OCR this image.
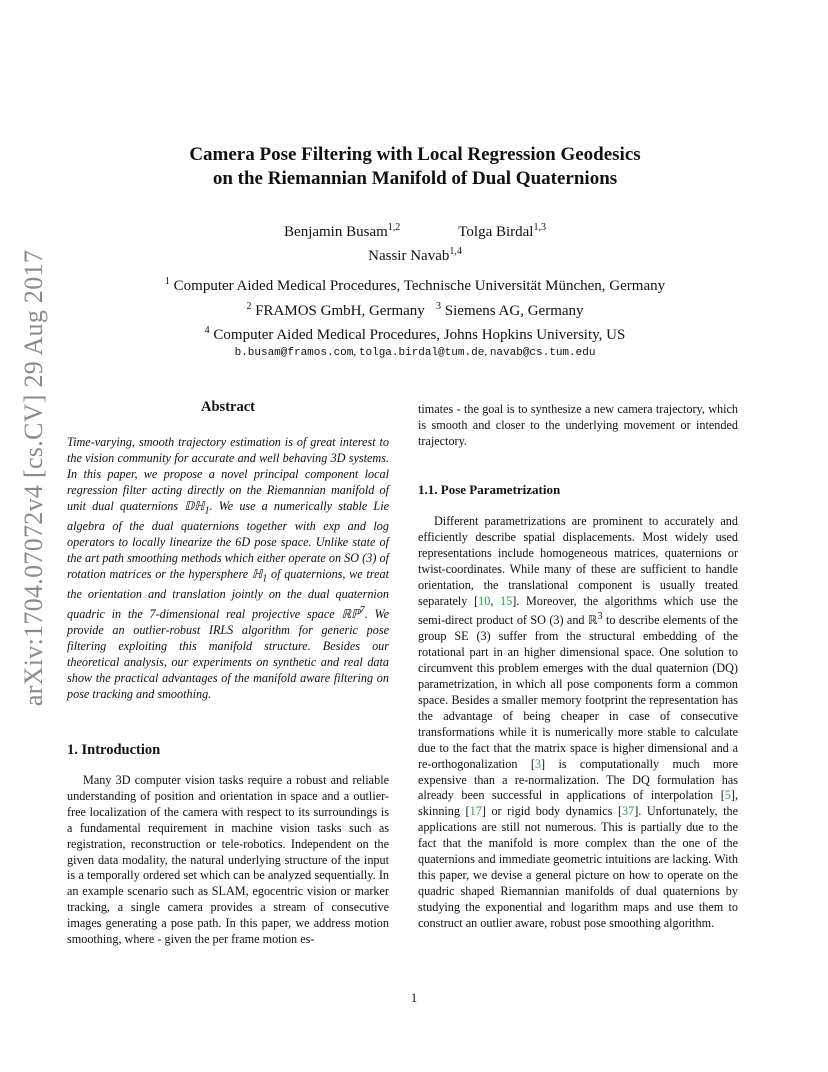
arXiv:1704.07072v4 [cs.CV] 29 Aug 2017
Camera Pose Filtering with Local Regression Geodesics
on the Riemannian Manifold of Dual Quaternions
Benjamin Busam$^{1,2}$	Tolga Birdal$^{1,3}$
Nassir Navab$^{1,4}$
$^1$ Computer Aided Medical Procedures, Technische Universität München, Germany
$^2$ FRAMOS GmbH, Germany $^3$ Siemens AG, Germany
$^4$ Computer Aided Medical Procedures, Johns Hopkins University, US
b.busam@framos.com, tolga.birdal@tum.de, navab@cs.tum.edu
Abstract

Time-varying, smooth trajectory estimation is of great interest to the vision community for accurate and well behaving 3D systems. In this paper, we propose a novel principal component local regression filter acting directly on the Riemannian manifold of unit dual quaternions 𝔻ℍ$_1$. We use a numerically stable Lie algebra of the dual quaternions together with exp and log operators to locally linearize the 6D pose space. Unlike state of the art path smoothing methods which either operate on SO (3) of rotation matrices or the hypersphere ℍ$_1$ of quaternions, we treat the orientation and translation jointly on the dual quaternion quadric in the 7-dimensional real projective space ℝℙ$^7$. We provide an outlier-robust IRLS algorithm for generic pose filtering exploiting this manifold structure. Besides our theoretical analysis, our experiments on synthetic and real data show the practical advantages of the manifold aware filtering on pose tracking and smoothing.

1. Introduction

Many 3D computer vision tasks require a robust and reliable understanding of position and orientation in space and a outlier-free localization of the camera with respect to its surroundings is a fundamental requirement in machine vision tasks such as registration, reconstruction or tele-robotics. Independent on the given data modality, the natural underlying structure of the input is a temporally ordered set which can be analyzed sequentially. In an example scenario such as SLAM, egocentric vision or marker tracking, a single camera provides a stream of consecutive images generating a pose path. In this paper, we address motion smoothing, where - given the per frame motion es-

timates - the goal is to synthesize a new camera trajectory, which is smooth and closer to the underlying movement or intended trajectory.

1.1. Pose Parametrization

Different parametrizations are prominent to accurately and efficiently describe spatial displacements. Most widely used representations include homogeneous matrices, quaternions or twist-coordinates. While many of these are sufficient to handle orientation, the translational component is usually treated separately [10, 15]. Moreover, the algorithms which use the semi-direct product of SO (3) and ℝ$^3$ to describe elements of the group SE (3) suffer from the structural embedding of the rotational part in an higher dimensional space. One solution to circumvent this problem emerges with the dual quaternion (DQ) parametrization, in which all pose components form a common space. Besides a smaller memory footprint the representation has the advantage of being cheaper in case of consecutive transformations while it is numerically more stable to calculate due to the fact that the matrix space is higher dimensional and a re-orthogonalization [3] is computationally much more expensive than a re-normalization. The DQ formulation has already been successful in applications of interpolation [5], skinning [17] or rigid body dynamics [37]. Unfortunately, the applications are still not numerous. This is partially due to the fact that the manifold is more complex than the one of the quaternions and immediate geometric intuitions are lacking. With this paper, we devise a general picture on how to operate on the quadric shaped Riemannian manifolds of dual quaternions by studying the exponential and logarithm maps and use them to construct an outlier aware, robust pose smoothing algorithm.

1
